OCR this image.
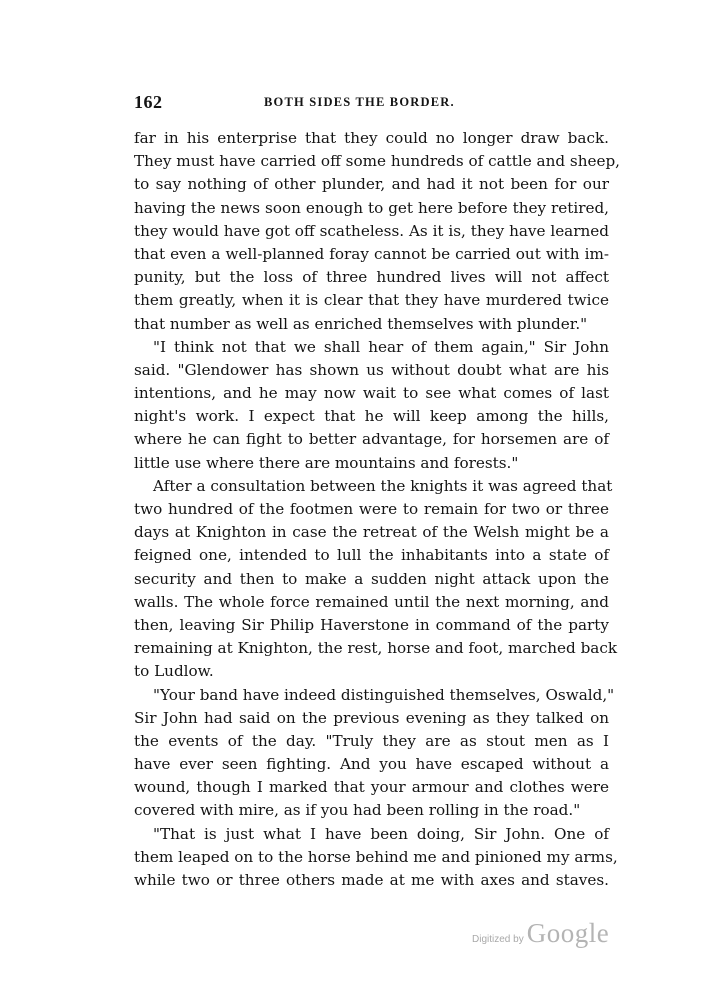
162	BOTH SIDES THE BORDER.
far in his enterprise that they could no longer draw back.
They must have carried off some hundreds of cattle and sheep,
to say nothing of other plunder, and had it not been for our
having the news soon enough to get here before they retired,
they would have got off scatheless. As it is, they have learned
that even a well-planned foray cannot be carried out with im-
punity, but the loss of three hundred lives will not affect
them greatly, when it is clear that they have murdered twice
that number as well as enriched themselves with plunder."
"I think not that we shall hear of them again," Sir John
said. "Glendower has shown us without doubt what are his
intentions, and he may now wait to see what comes of last
night's work. I expect that he will keep among the hills,
where he can fight to better advantage, for horsemen are of
little use where there are mountains and forests."
After a consultation between the knights it was agreed that
two hundred of the footmen were to remain for two or three
days at Knighton in case the retreat of the Welsh might be a
feigned one, intended to lull the inhabitants into a state of
security and then to make a sudden night attack upon the
walls. The whole force remained until the next morning, and
then, leaving Sir Philip Haverstone in command of the party
remaining at Knighton, the rest, horse and foot, marched back
to Ludlow.
"Your band have indeed distinguished themselves, Oswald,"
Sir John had said on the previous evening as they talked on
the events of the day. "Truly they are as stout men as I
have ever seen fighting. And you have escaped without a
wound, though I marked that your armour and clothes were
covered with mire, as if you had been rolling in the road."
"That is just what I have been doing, Sir John. One of
them leaped on to the horse behind me and pinioned my arms,
while two or three others made at me with axes and staves.
Digitized by Google
